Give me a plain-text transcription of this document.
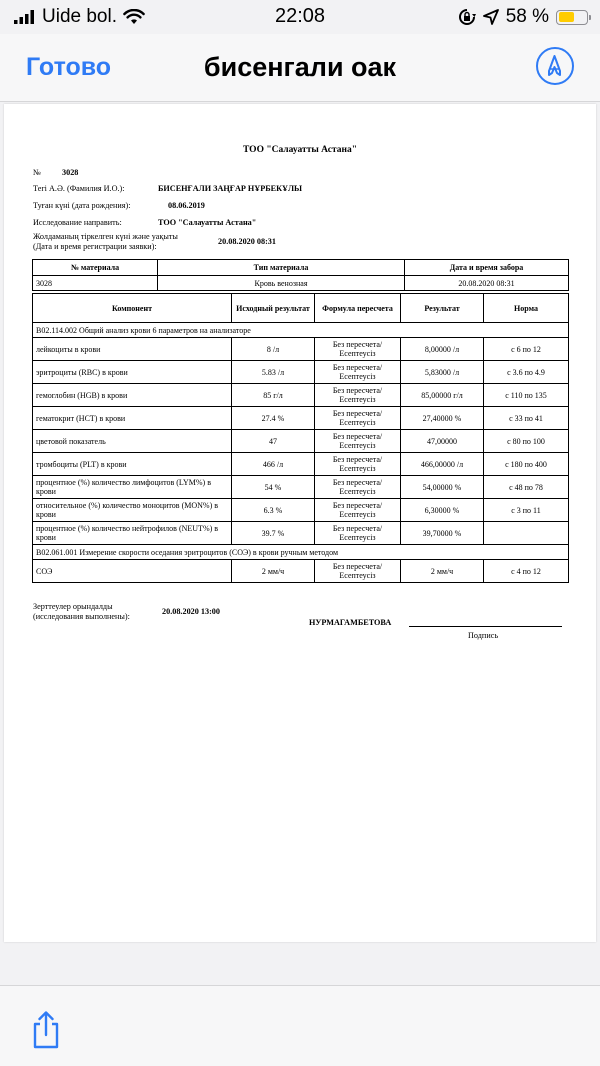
Uide bol.	22:08	58 %
Готово	бисенгали оак
ТОО "Салауатты Астана"
№	3028
Тегі А.Ә. (Фамилия И.О.):	БИСЕНҒАЛИ ЗАҢҒАР НҰРБЕКҰЛЫ
Туған күні (дата рождения):	08.06.2019
Исследование направить:	ТОО "Салауатты Астана"
Жолдаманың тіркелген күні және уақыты
(Дата и время регистрации заявки):
20.08.2020 08:31
№ материала	Тип материала	Дата и время забора
3028	Кровь венозная	20.08.2020 08:31
Компонент	Исходный результат	Формула пересчета	Результат	Норма
В02.114.002 Общий анализ крови 6 параметров на анализаторе				
лейкоциты в крови	8 /л	Без пересчета/ Есептеусіз	8,00000 /л	с 6 по 12
эритроциты (RBC) в крови	5.83 /л	Без пересчета/ Есептеусіз	5,83000 /л	с 3.6 по 4.9
гемоглобин (HGB) в крови	85 г/л	Без пересчета/ Есептеусіз	85,00000 г/л	с 110 по 135
гематокрит (HCT) в крови	27.4 %	Без пересчета/ Есептеусіз	27,40000 %	с 33 по 41
цветовой показатель	47	Без пересчета/ Есептеусіз	47,00000	с 80 по 100
тромбоциты (PLT) в крови	466 /л	Без пересчета/ Есептеусіз	466,00000 /л	с 180 по 400
процентное (%) количество лимфоцитов (LYM%) в крови	54 %	Без пересчета/ Есептеусіз	54,00000 %	с 48 по 78
относительное (%) количество моноцитов (MON%) в крови	6.3 %	Без пересчета/ Есептеусіз	6,30000 %	с 3 по 11
процентное (%) количество нейтрофилов (NEUT%) в крови	39.7 %	Без пересчета/ Есептеусіз	39,70000 %	
В02.061.001 Измерение скорости оседания эритроцитов (СОЭ) в крови ручным методом				
СОЭ	2 мм/ч	Без пересчета/ Есептеусіз	2 мм/ч	с 4 по 12
Зерттеулер орындалды
(исследования выполнены):
20.08.2020 13:00
НУРМАГАМБЕТОВА
Подпись
